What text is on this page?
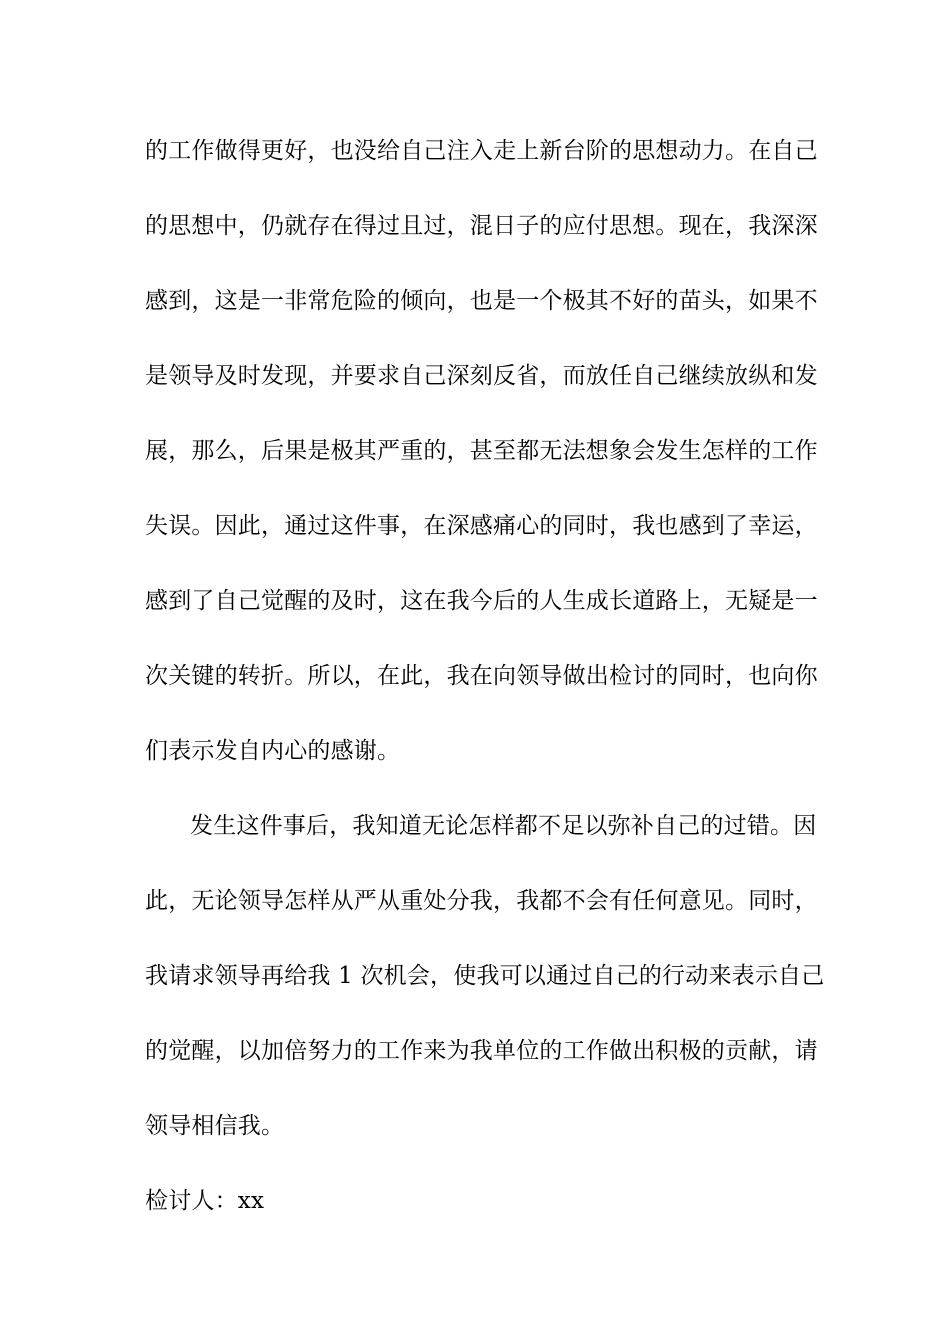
的工作做得更好，也没给自己注入走上新台阶的思想动力。在自己
的思想中，仍就存在得过且过，混日子的应付思想。现在，我深深
感到，这是一非常危险的倾向，也是一个极其不好的苗头，如果不
是领导及时发现，并要求自己深刻反省，而放任自己继续放纵和发
展，那么，后果是极其严重的，甚至都无法想象会发生怎样的工作
失误。因此，通过这件事，在深感痛心的同时，我也感到了幸运，
感到了自己觉醒的及时，这在我今后的人生成长道路上，无疑是一
次关键的转折。所以，在此，我在向领导做出检讨的同时，也向你
们表示发自内心的感谢。
发生这件事后，我知道无论怎样都不足以弥补自己的过错。因
此，无论领导怎样从严从重处分我，我都不会有任何意见。同时，
我请求领导再给我 1 次机会，使我可以通过自己的行动来表示自己
的觉醒，以加倍努力的工作来为我单位的工作做出积极的贡献，请
领导相信我。
检讨人：xx
